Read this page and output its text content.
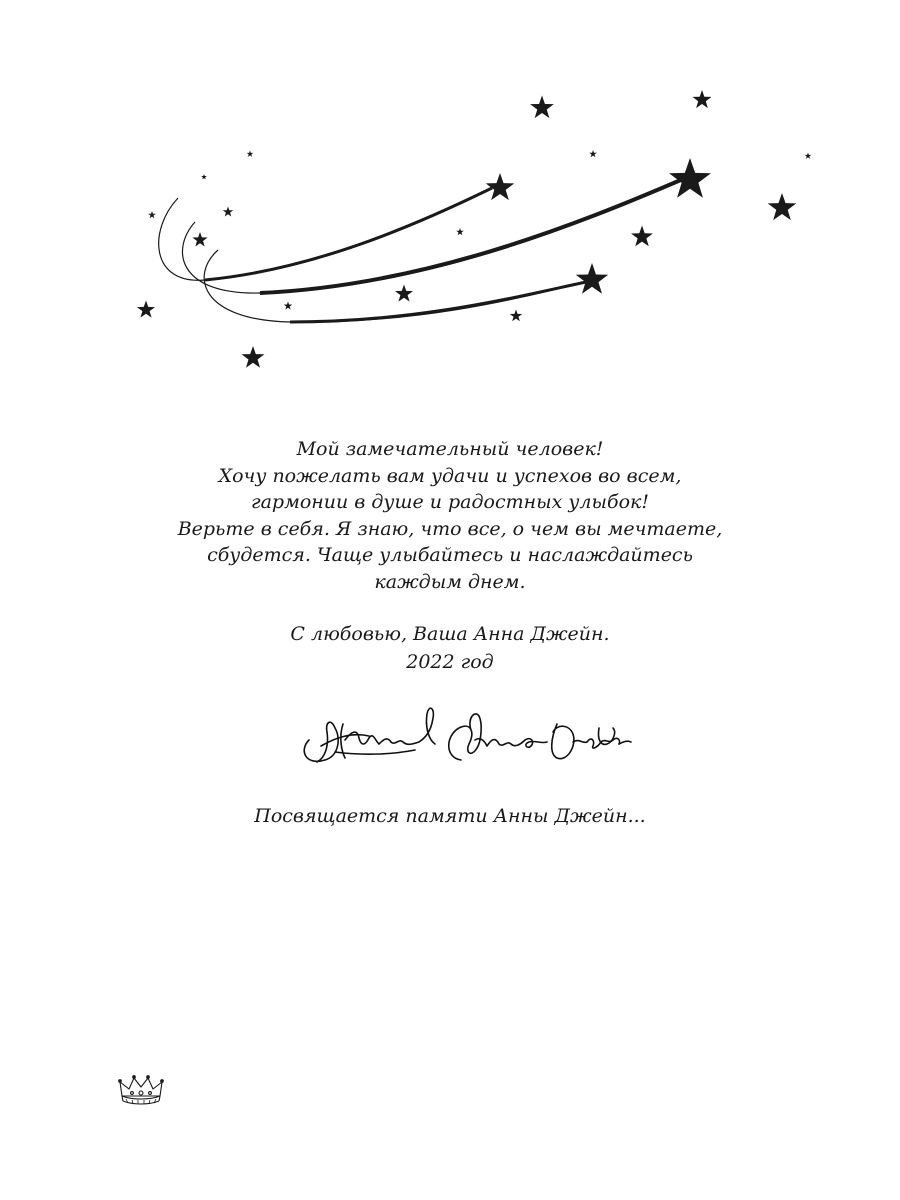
Мой замечательный человек!
Хочу пожелать вам удачи и успехов во всем,
гармонии в душе и радостных улыбок!
Верьте в себя. Я знаю, что все, о чем вы мечтаете,
сбудется. Чаще улыбайтесь и наслаждайтесь
каждым днем.
С любовью, Ваша Анна Джейн.
2022 год
Посвящается памяти Анны Джейн...
